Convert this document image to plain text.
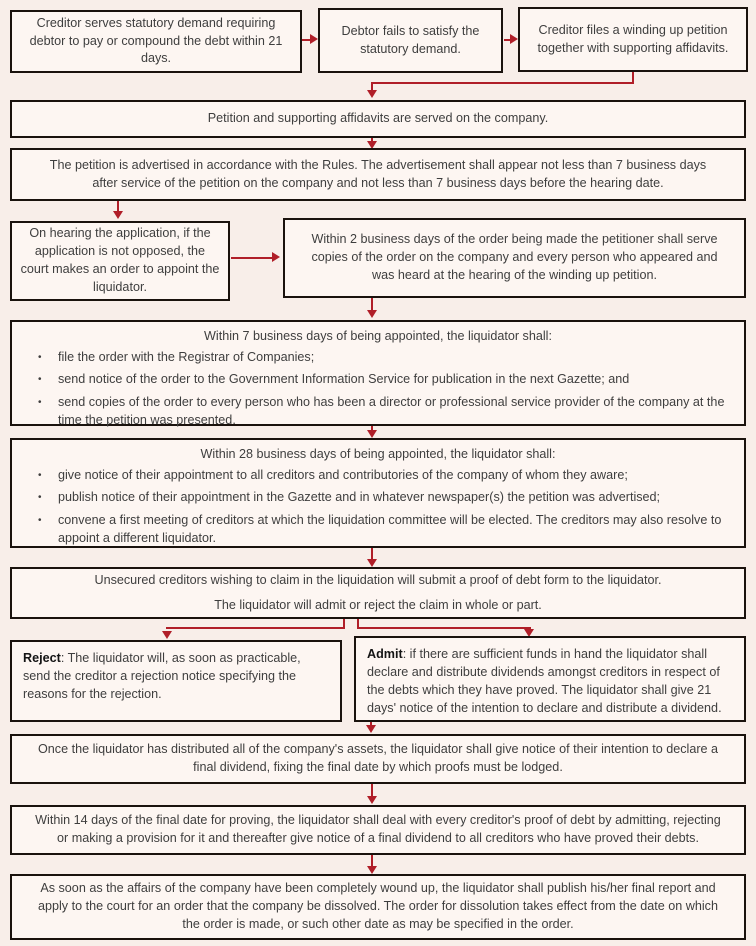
Creditor serves statutory demand requiring debtor to pay or compound the debt within 21 days.
Debtor fails to satisfy the statutory demand.
Creditor files a winding up petition together with supporting affidavits.
Petition and supporting affidavits are served on the company.
The petition is advertised in accordance with the Rules. The advertisement shall appear not less than 7 business days after service of the petition on the company and not less than 7 business days before the hearing date.
On hearing the application, if the application is not opposed, the court makes an order to appoint the liquidator.
Within 2 business days of the order being made the petitioner shall serve copies of the order on the company and every person who appeared and was heard at the hearing of the winding up petition.
Within 7 business days of being appointed, the liquidator shall:
•	file the order with the Registrar of Companies;
•	send notice of the order to the Government Information Service for publication in the next Gazette; and
•	send copies of the order to every person who has been a director or professional service provider of the company at the time the petition was presented.
Within 28 business days of being appointed, the liquidator shall:
•	give notice of their appointment to all creditors and contributories of the company of whom they aware;
•	publish notice of their appointment in the Gazette and in whatever newspaper(s) the petition was advertised;
•	convene a first meeting of creditors at which the liquidation committee will be elected. The creditors may also resolve to appoint a different liquidator.
Unsecured creditors wishing to claim in the liquidation will submit a proof of debt form to the liquidator.
The liquidator will admit or reject the claim in whole or part.
Reject: The liquidator will, as soon as practicable, send the creditor a rejection notice specifying the reasons for the rejection.
Admit: if there are sufficient funds in hand the liquidator shall declare and distribute dividends amongst creditors in respect of the debts which they have proved. The liquidator shall give 21 days' notice of the intention to declare and distribute a dividend.
Once the liquidator has distributed all of the company's assets, the liquidator shall give notice of their intention to declare a final dividend, fixing the final date by which proofs must be lodged.
Within 14 days of the final date for proving, the liquidator shall deal with every creditor's proof of debt by admitting, rejecting or making a provision for it and thereafter give notice of a final dividend to all creditors who have proved their debts.
As soon as the affairs of the company have been completely wound up, the liquidator shall publish his/her final report and apply to the court for an order that the company be dissolved. The order for dissolution takes effect from the date on which the order is made, or such other date as may be specified in the order.
